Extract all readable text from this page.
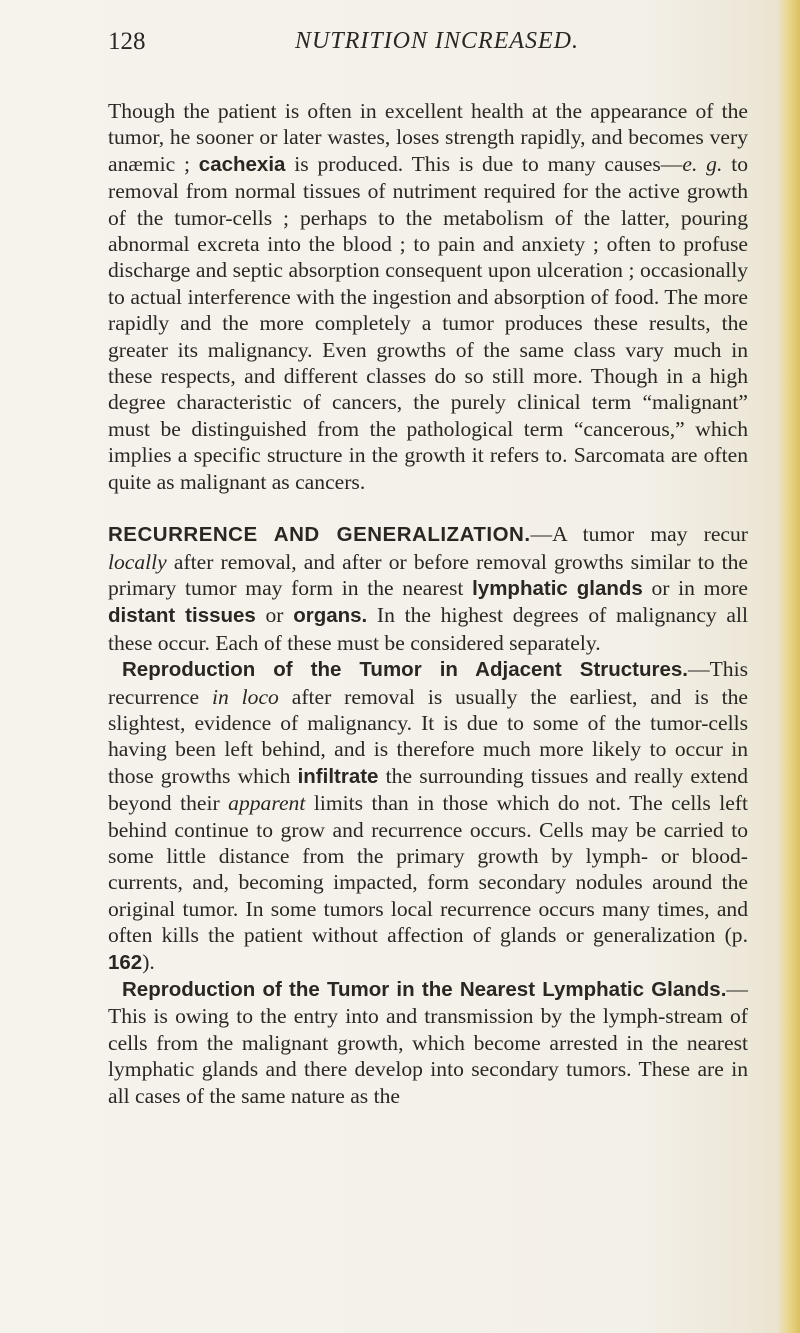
128	NUTRITION INCREASED.

Though the patient is often in excellent health at the appearance of the tumor, he sooner or later wastes, loses strength rapidly, and becomes very anæmic ; cachexia is produced. This is due to many causes—e. g. to removal from normal tissues of nutriment required for the active growth of the tumor-cells ; perhaps to the metabolism of the latter, pouring abnormal excreta into the blood ; to pain and anxiety ; often to profuse discharge and septic absorption consequent upon ulceration ; occasionally to actual interference with the ingestion and absorption of food. The more rapidly and the more completely a tumor produces these results, the greater its malignancy. Even growths of the same class vary much in these respects, and different classes do so still more. Though in a high degree characteristic of cancers, the purely clinical term “malignant” must be distinguished from the pathological term “cancerous,” which implies a specific structure in the growth it refers to. Sarcomata are often quite as malignant as cancers.

RECURRENCE AND GENERALIZATION.—A tumor may recur locally after removal, and after or before removal growths similar to the primary tumor may form in the nearest lymphatic glands or in more distant tissues or organs. In the highest degrees of malignancy all these occur. Each of these must be considered separately.

Reproduction of the Tumor in Adjacent Structures.—This recurrence in loco after removal is usually the earliest, and is the slightest, evidence of malignancy. It is due to some of the tumor-cells having been left behind, and is therefore much more likely to occur in those growths which infiltrate the surrounding tissues and really extend beyond their apparent limits than in those which do not. The cells left behind continue to grow and recurrence occurs. Cells may be carried to some little distance from the primary growth by lymph- or blood-currents, and, becoming impacted, form secondary nodules around the original tumor. In some tumors local recurrence occurs many times, and often kills the patient without affection of glands or generalization (p. 162).

Reproduction of the Tumor in the Nearest Lymphatic Glands.—This is owing to the entry into and transmission by the lymph-stream of cells from the malignant growth, which become arrested in the nearest lymphatic glands and there develop into secondary tumors. These are in all cases of the same nature as the
